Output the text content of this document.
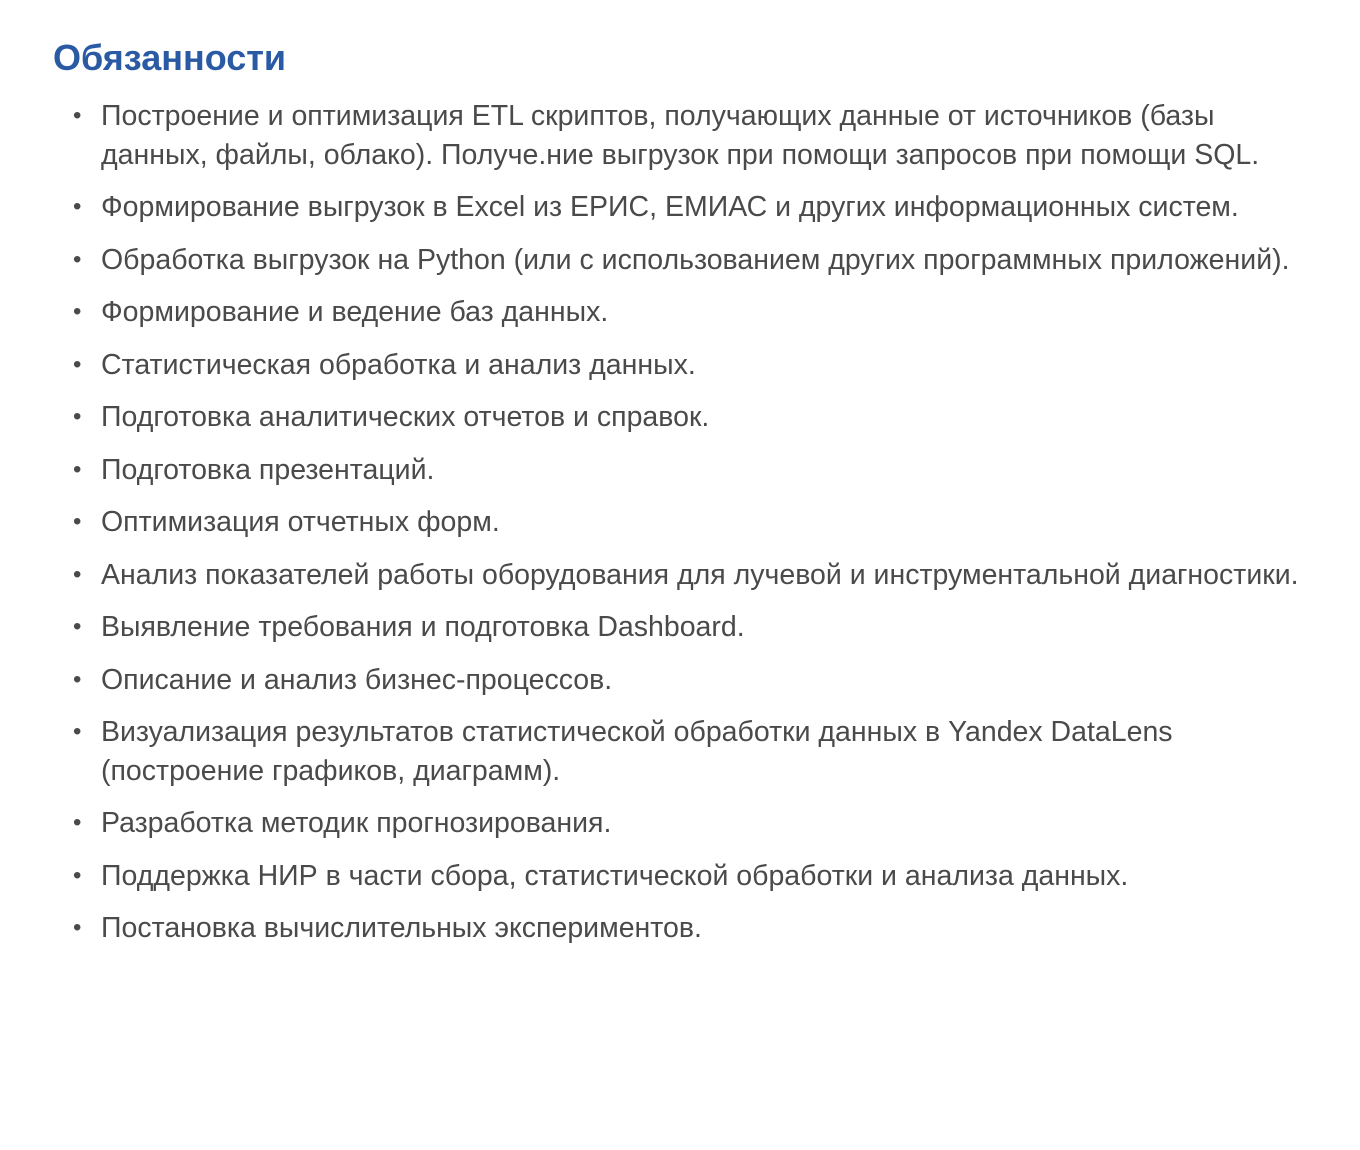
Обязанности
• Построение и оптимизация ETL скриптов, получающих данные от источников (базы данных, файлы, облако). Получе.ние выгрузок при помощи запросов при помощи SQL.
• Формирование выгрузок в Excel из ЕРИС, ЕМИАС и других информационных систем.
• Обработка выгрузок на Python (или с использованием других программных приложений).
• Формирование и ведение баз данных.
• Статистическая обработка и анализ данных.
• Подготовка аналитических отчетов и справок.
• Подготовка презентаций.
• Оптимизация отчетных форм.
• Анализ показателей работы оборудования для лучевой и инструментальной диагностики.
• Выявление требования и подготовка Dashboard.
• Описание и анализ бизнес-процессов.
• Визуализация результатов статистической обработки данных в Yandex DataLens (построение графиков, диаграмм).
• Разработка методик прогнозирования.
• Поддержка НИР в части сбора, статистической обработки и анализа данных.
• Постановка вычислительных экспериментов.
